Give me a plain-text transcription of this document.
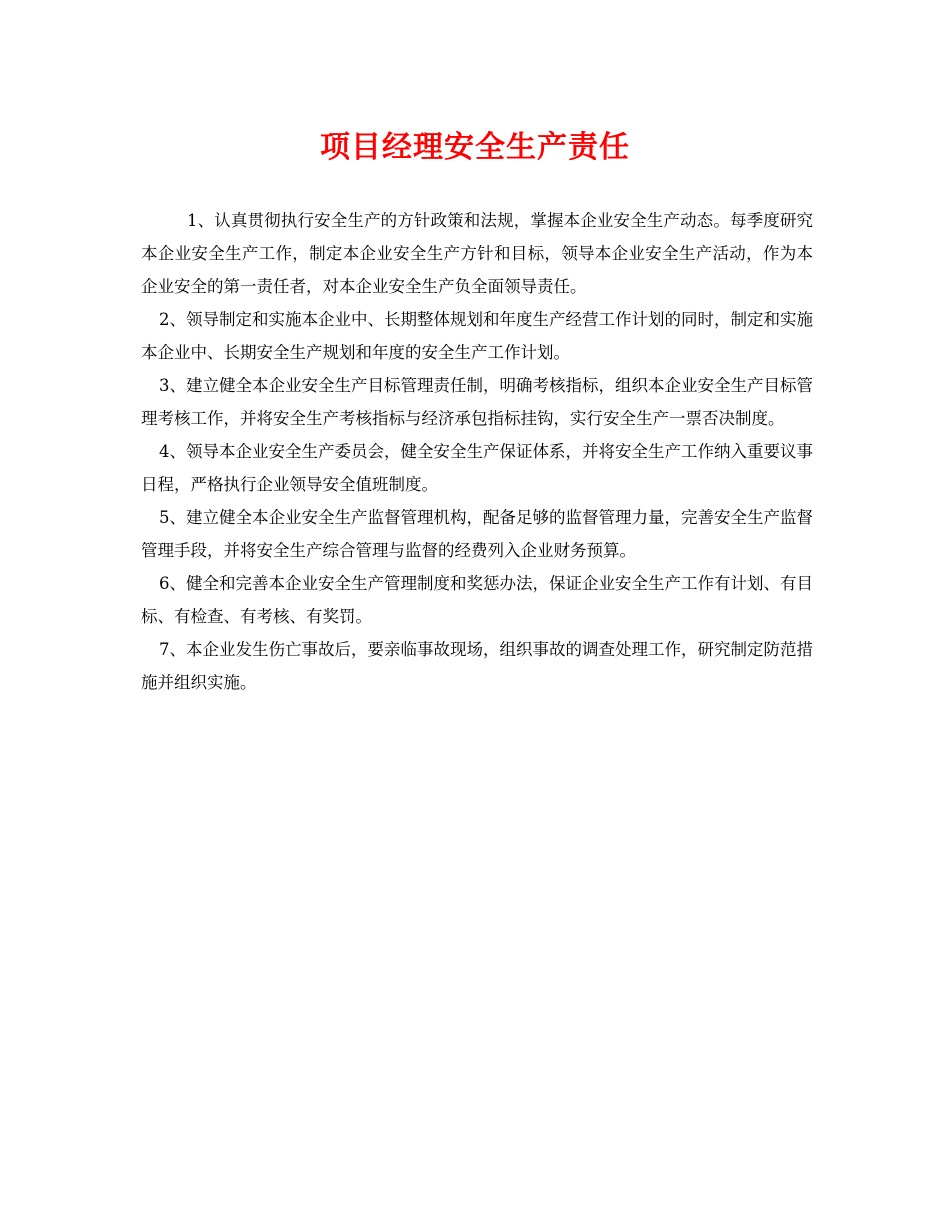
项目经理安全生产责任

1、认真贯彻执行安全生产的方针政策和法规，掌握本企业安全生产动态。每季度研究本企业安全生产工作，制定本企业安全生产方针和目标，领导本企业安全生产活动，作为本企业安全的第一责任者，对本企业安全生产负全面领导责任。

2、领导制定和实施本企业中、长期整体规划和年度生产经营工作计划的同时，制定和实施本企业中、长期安全生产规划和年度的安全生产工作计划。

3、建立健全本企业安全生产目标管理责任制，明确考核指标，组织本企业安全生产目标管理考核工作，并将安全生产考核指标与经济承包指标挂钩，实行安全生产一票否决制度。

4、领导本企业安全生产委员会，健全安全生产保证体系，并将安全生产工作纳入重要议事日程，严格执行企业领导安全值班制度。

5、建立健全本企业安全生产监督管理机构，配备足够的监督管理力量，完善安全生产监督管理手段，并将安全生产综合管理与监督的经费列入企业财务预算。

6、健全和完善本企业安全生产管理制度和奖惩办法，保证企业安全生产工作有计划、有目标、有检查、有考核、有奖罚。

7、本企业发生伤亡事故后，要亲临事故现场，组织事故的调查处理工作，研究制定防范措施并组织实施。
